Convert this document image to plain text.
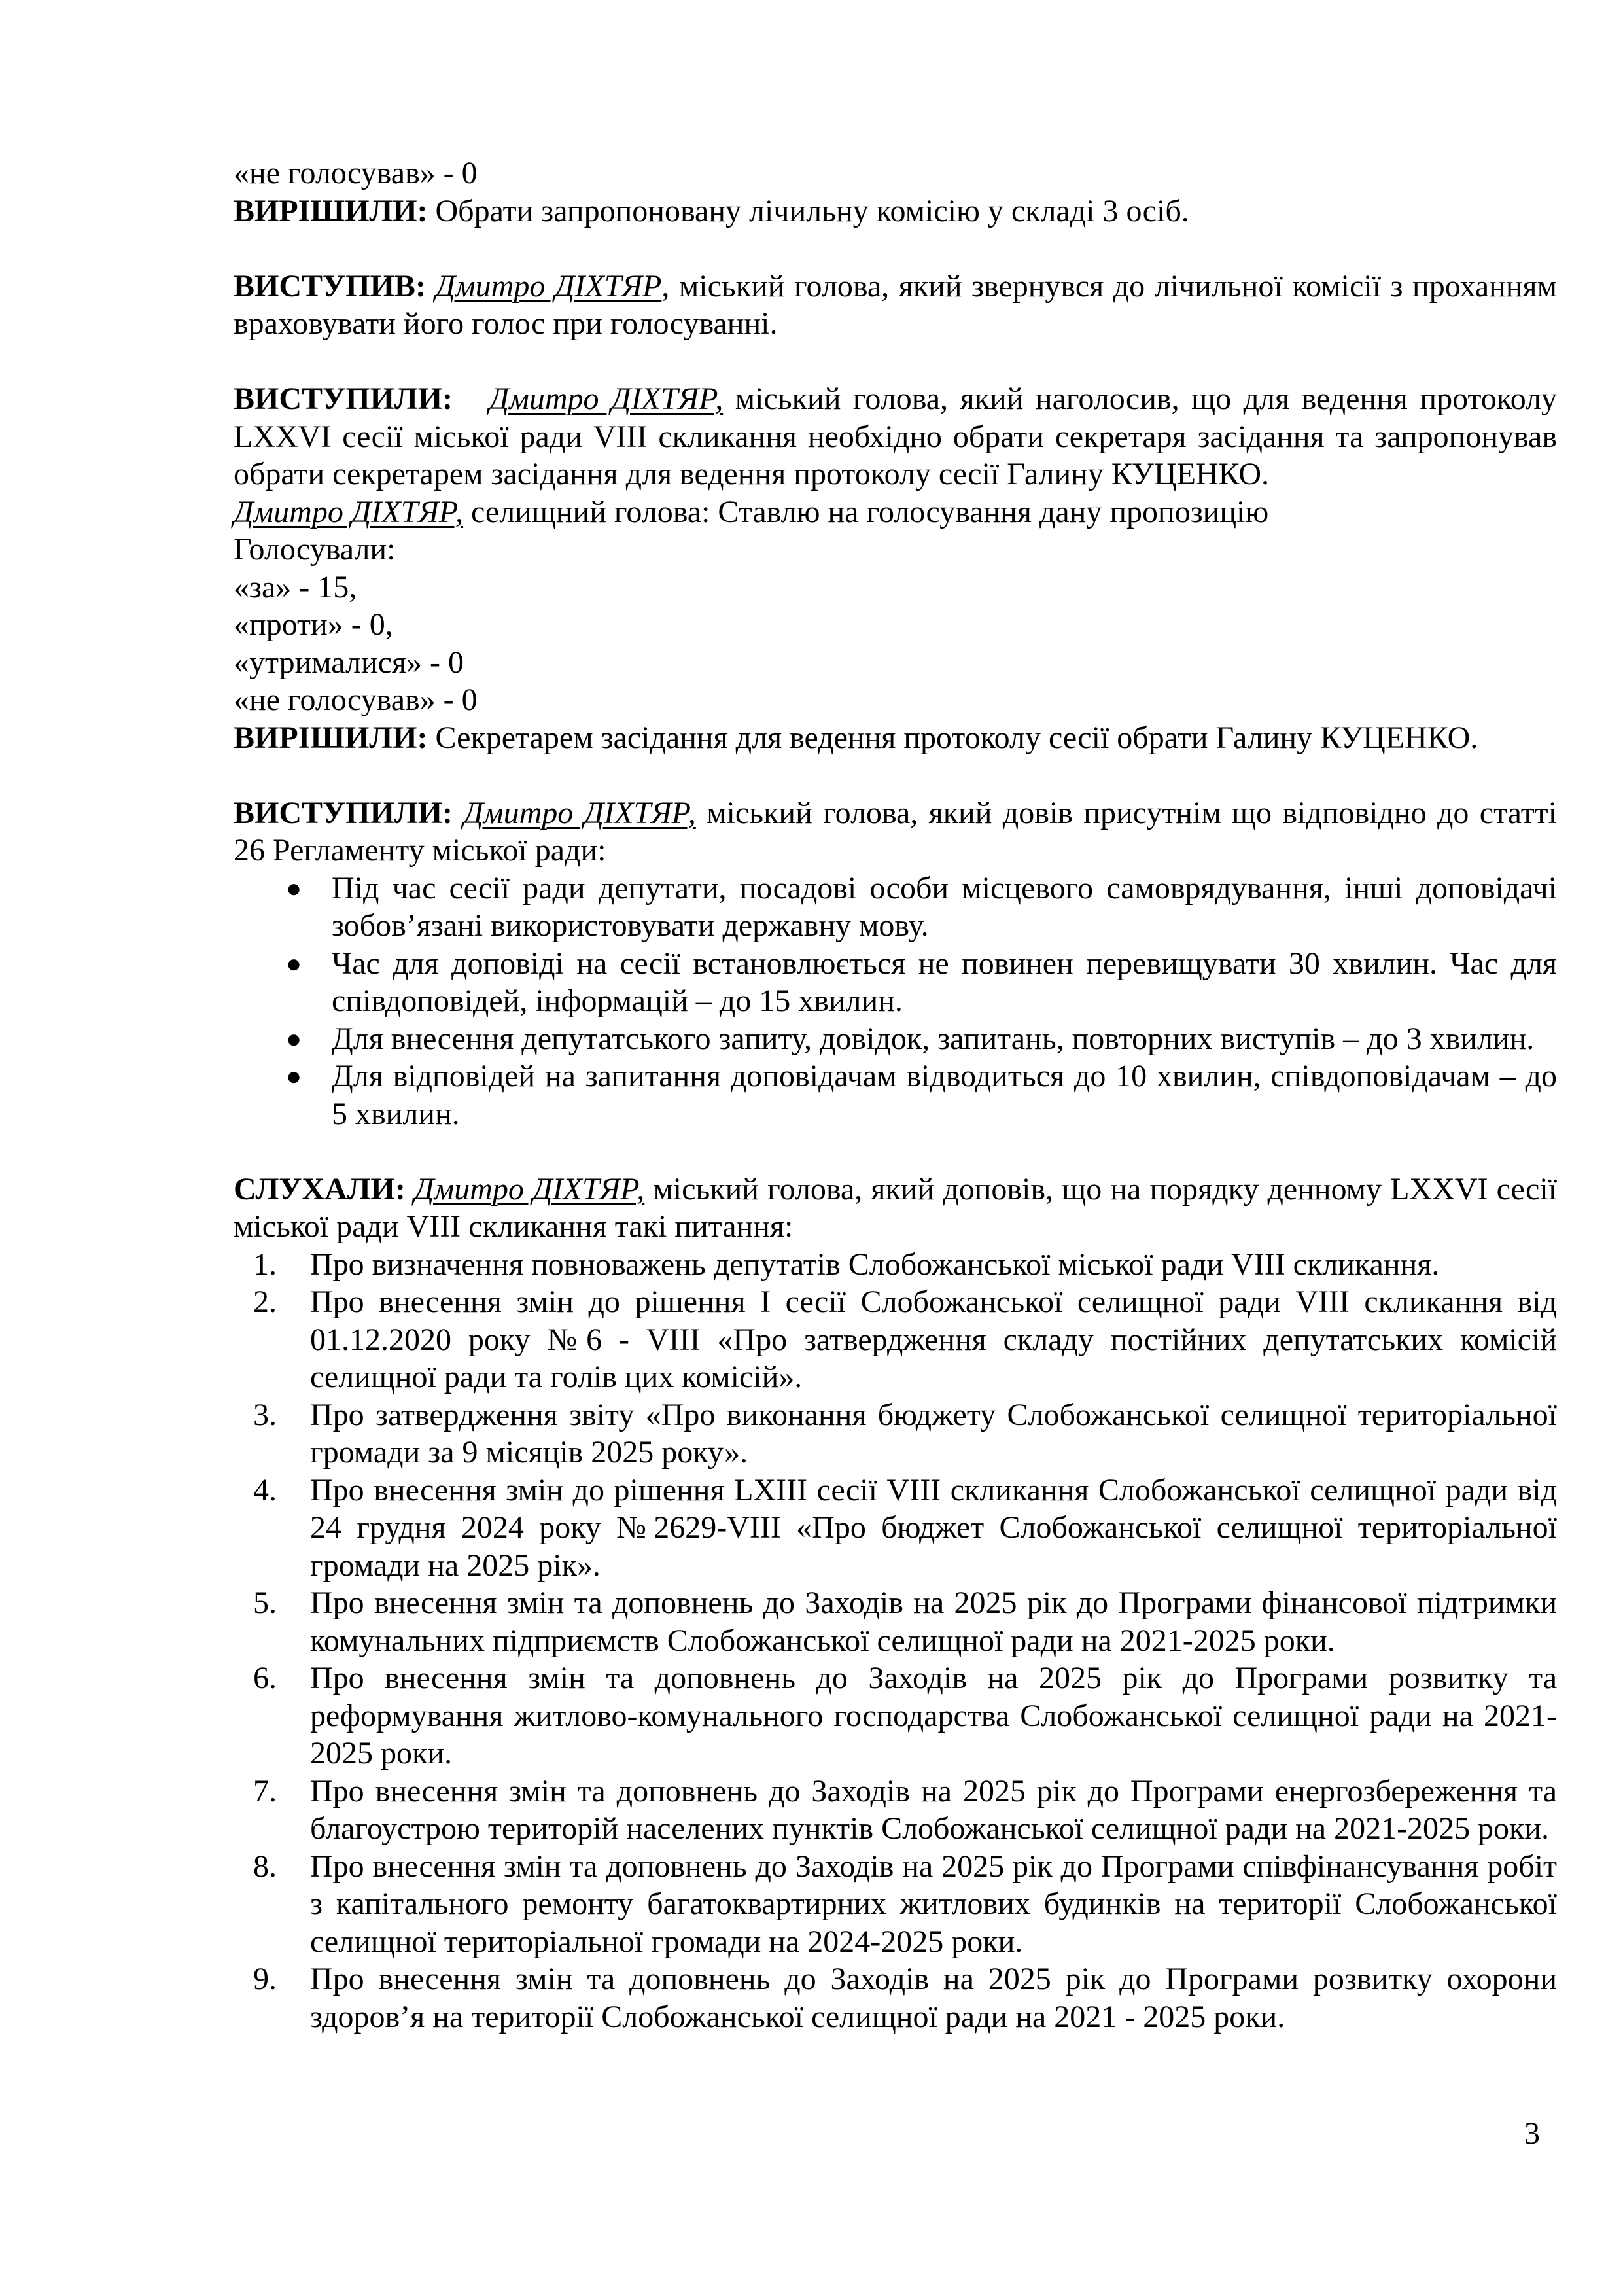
«не голосував» - 0
ВИРІШИЛИ: Обрати запропоновану лічильну комісію у складі 3 осіб.
ВИСТУПИВ: Дмитро ДІХТЯР, міський голова, який звернувся до лічильної комісії з проханням враховувати його голос при голосуванні.
ВИСТУПИЛИ: Дмитро ДІХТЯР, міський голова, який наголосив, що для ведення протоколу LXXVI сесії міської ради VIII скликання необхідно обрати секретаря засідання та запропонував обрати секретарем засідання для ведення протоколу сесії Галину КУЦЕНКО.
Дмитро ДІХТЯР, селищний голова: Ставлю на голосування дану пропозицію
Голосували:
«за» - 15,
«проти» - 0,
«утрималися» - 0
«не голосував» - 0
ВИРІШИЛИ: Секретарем засідання для ведення протоколу сесії обрати Галину КУЦЕНКО.
ВИСТУПИЛИ: Дмитро ДІХТЯР, міський голова, який довів присутнім що відповідно до статті 26 Регламенту міської ради:
● Під час сесії ради депутати, посадові особи місцевого самоврядування, інші доповідачі зобов’язані використовувати державну мову.
● Час для доповіді на сесії встановлюється не повинен перевищувати 30 хвилин. Час для співдоповідей, інформацій – до 15 хвилин.
● Для внесення депутатського запиту, довідок, запитань, повторних виступів – до 3 хвилин.
● Для відповідей на запитання доповідачам відводиться до 10 хвилин, співдоповідачам – до 5 хвилин.
СЛУХАЛИ: Дмитро ДІХТЯР, міський голова, який доповів, що на порядку денному LXXVI сесії міської ради VIII скликання такі питання:
1. Про визначення повноважень депутатів Слобожанської міської ради VIII скликання.
2. Про внесення змін до рішення І сесії Слобожанської селищної ради VIII скликання від 01.12.2020 року №6 - VIII «Про затвердження складу постійних депутатських комісій селищної ради та голів цих комісій».
3. Про затвердження звіту «Про виконання бюджету Слобожанської селищної територіальної громади за 9 місяців 2025 року».
4. Про внесення змін до рішення LXIII сесії VIII скликання Слобожанської селищної ради від 24 грудня 2024 року №2629-VIII «Про бюджет Слобожанської селищної територіальної громади на 2025 рік».
5. Про внесення змін та доповнень до Заходів на 2025 рік до Програми фінансової підтримки комунальних підприємств Слобожанської селищної ради на 2021-2025 роки.
6. Про внесення змін та доповнень до Заходів на 2025 рік до Програми розвитку та реформування житлово-комунального господарства Слобожанської селищної ради на 2021-2025 роки.
7. Про внесення змін та доповнень до Заходів на 2025 рік до Програми енергозбереження та благоустрою територій населених пунктів Слобожанської селищної ради на 2021-2025 роки.
8. Про внесення змін та доповнень до Заходів на 2025 рік до Програми співфінансування робіт з капітального ремонту багатоквартирних житлових будинків на території Слобожанської селищної територіальної громади на 2024-2025 роки.
9. Про внесення змін та доповнень до Заходів на 2025 рік до Програми розвитку охорони здоров’я на території Слобожанської селищної ради на 2021 - 2025 роки.
3
